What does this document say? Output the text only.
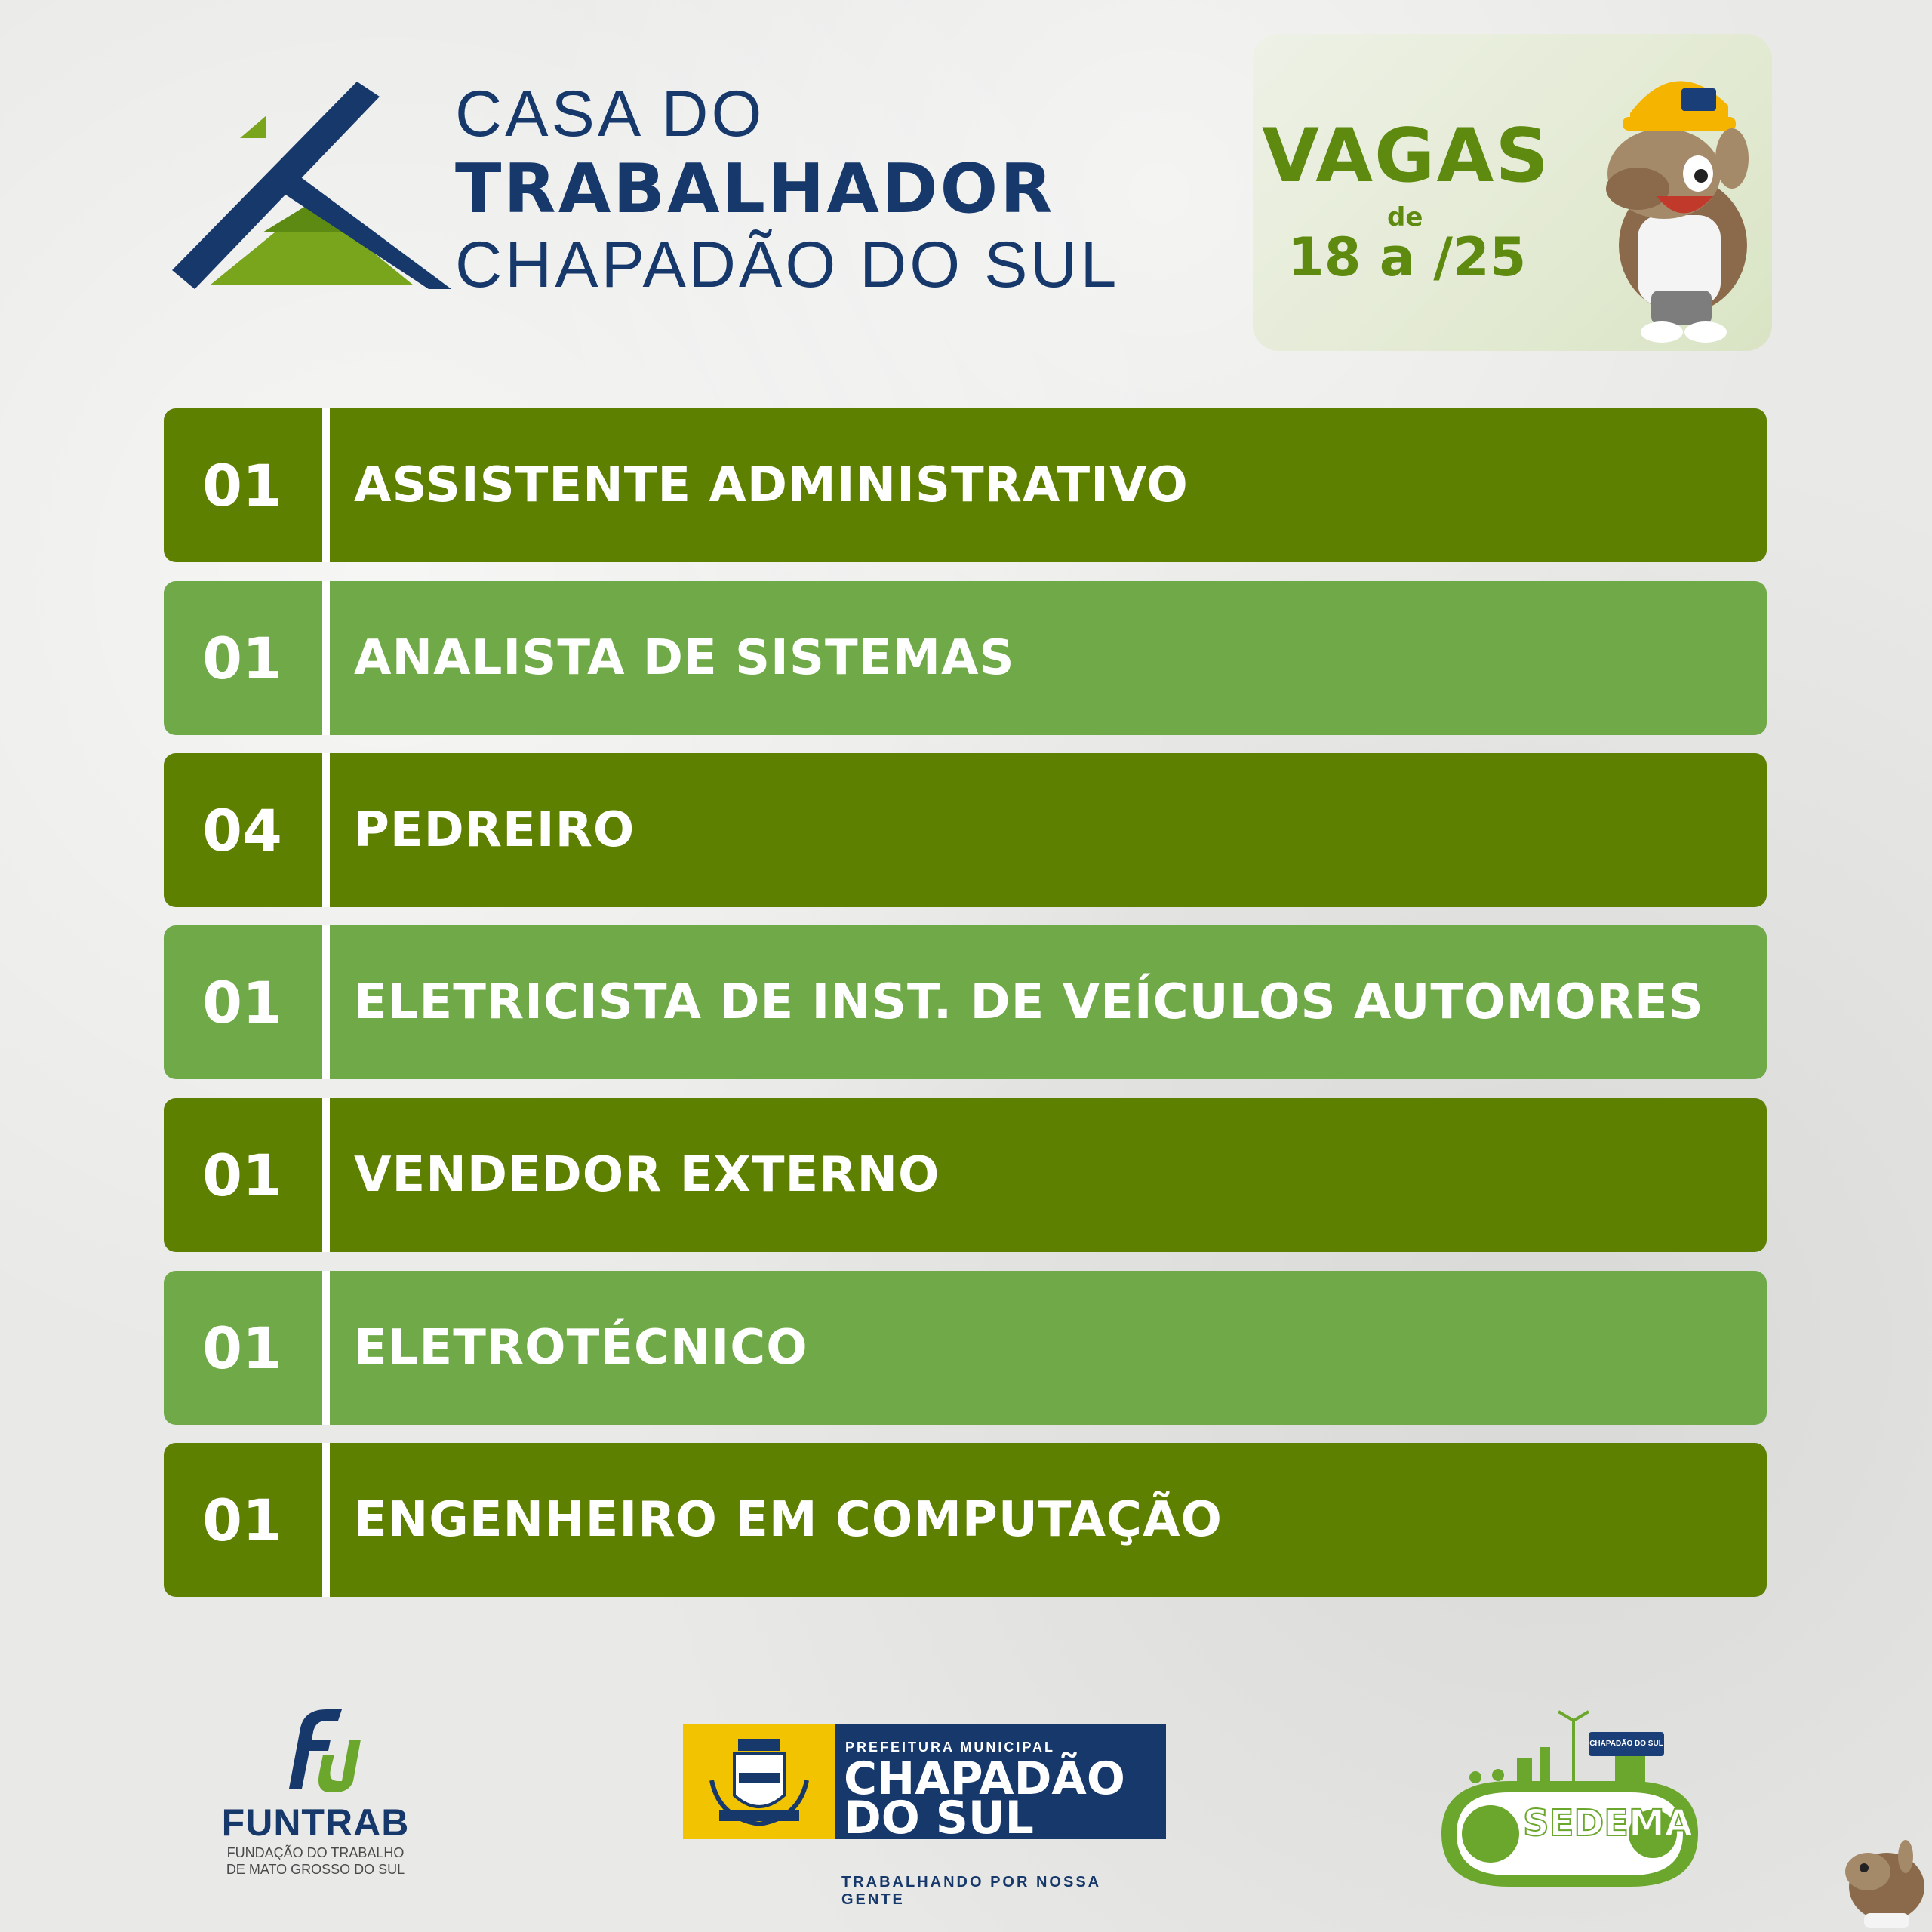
CASA DO
TRABALHADOR
CHAPADÃO DO SUL
VAGAS
de
18 a /25
01	ASSISTENTE ADMINISTRATIVO
01	ANALISTA DE SISTEMAS
04	PEDREIRO
01	ELETRICISTA DE INST. DE VEÍCULOS AUTOMORES
01	VENDEDOR EXTERNO
01	ELETROTÉCNICO
01	ENGENHEIRO EM COMPUTAÇÃO
FUNTRAB
FUNDAÇÃO DO TRABALHO
DE MATO GROSSO DO SUL
PREFEITURA MUNICIPAL
CHAPADÃO
DO SUL
TRABALHANDO POR NOSSA GENTE
CHAPADÃO DO SUL
SEDEMA
